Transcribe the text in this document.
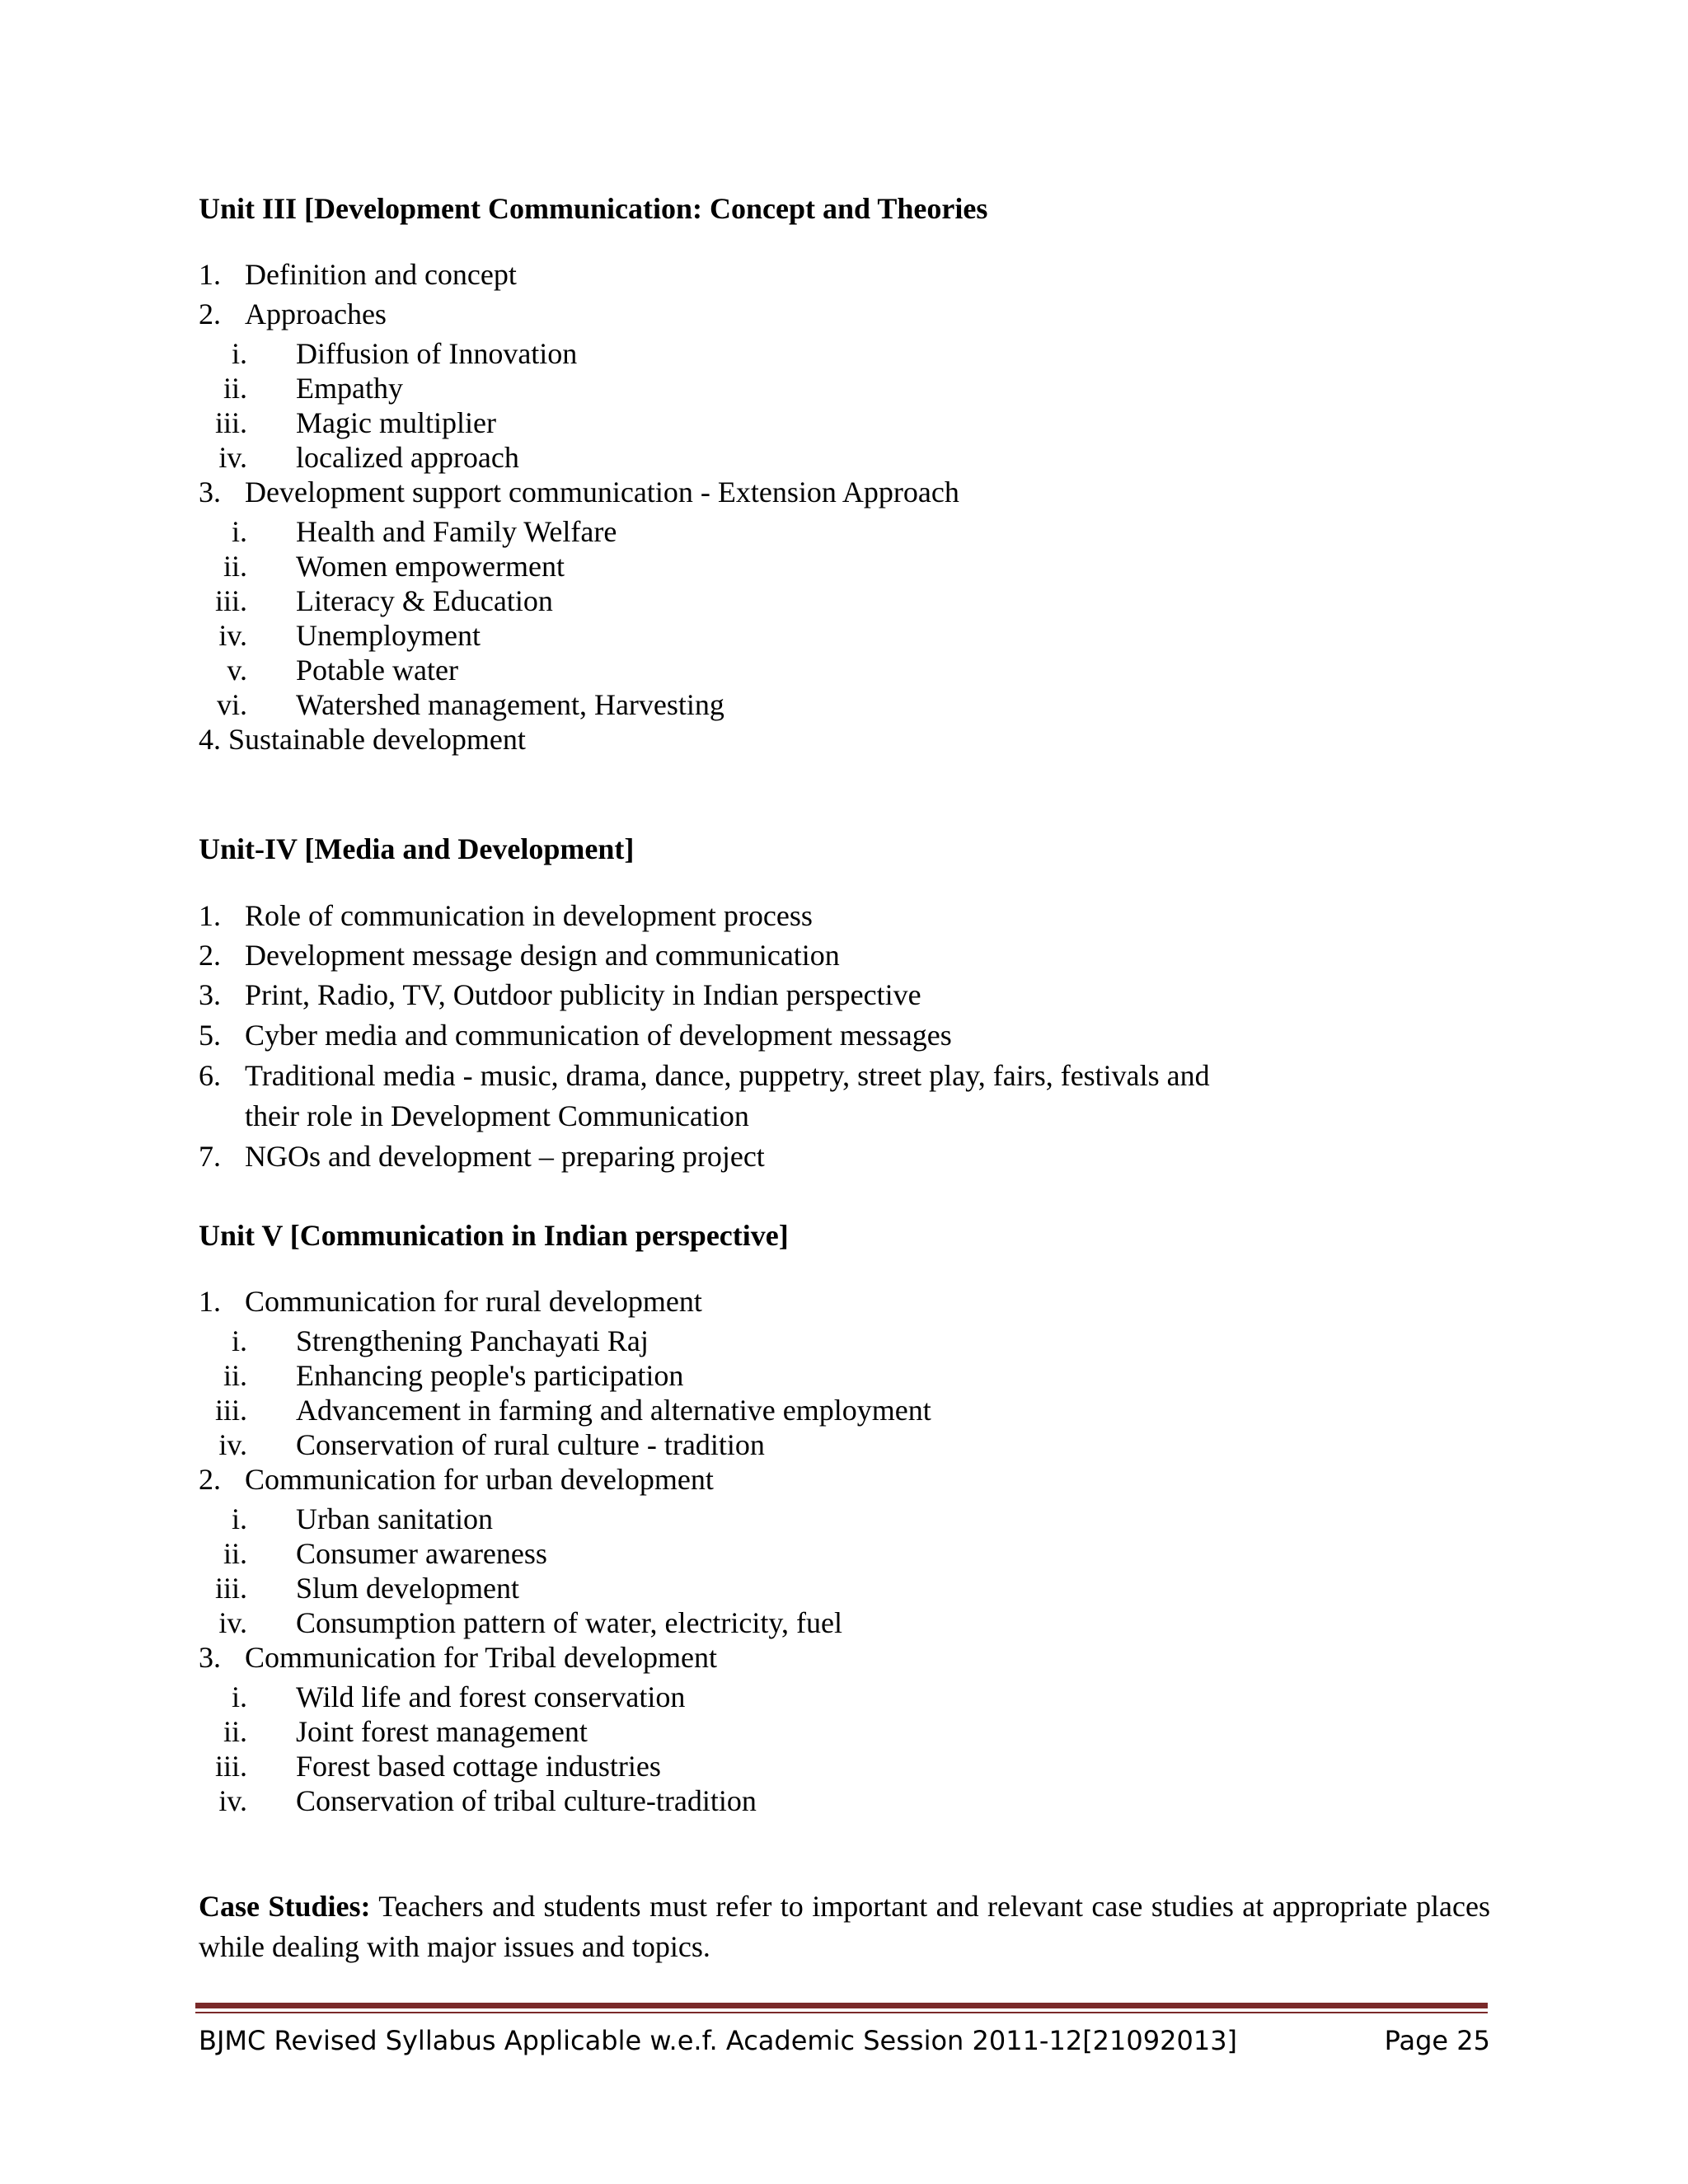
Unit III [Development Communication: Concept and Theories
1. Definition and concept
2. Approaches
i. Diffusion of Innovation
ii. Empathy
iii. Magic multiplier
iv. localized approach
3. Development support communication - Extension Approach
i. Health and Family Welfare
ii. Women empowerment
iii. Literacy & Education
iv. Unemployment
v. Potable water
vi. Watershed management, Harvesting
4. Sustainable development
Unit-IV [Media and Development]
1. Role of communication in development process
2. Development message design and communication
3. Print, Radio, TV, Outdoor publicity in Indian perspective
5. Cyber media and communication of development messages
6. Traditional media - music, drama, dance, puppetry, street play, fairs, festivals and
their role in Development Communication
7. NGOs and development – preparing project
Unit V [Communication in Indian perspective]
1. Communication for rural development
i. Strengthening Panchayati Raj
ii. Enhancing people's participation
iii. Advancement in farming and alternative employment
iv. Conservation of rural culture - tradition
2. Communication for urban development
i. Urban sanitation
ii. Consumer awareness
iii. Slum development
iv. Consumption pattern of water, electricity, fuel
3. Communication for Tribal development
i. Wild life and forest conservation
ii. Joint forest management
iii. Forest based cottage industries
iv. Conservation of tribal culture-tradition
Case Studies: Teachers and students must refer to important and relevant case studies at appropriate places while dealing with major issues and topics.
BJMC Revised Syllabus Applicable w.e.f. Academic Session 2011-12[21092013]	Page 25
